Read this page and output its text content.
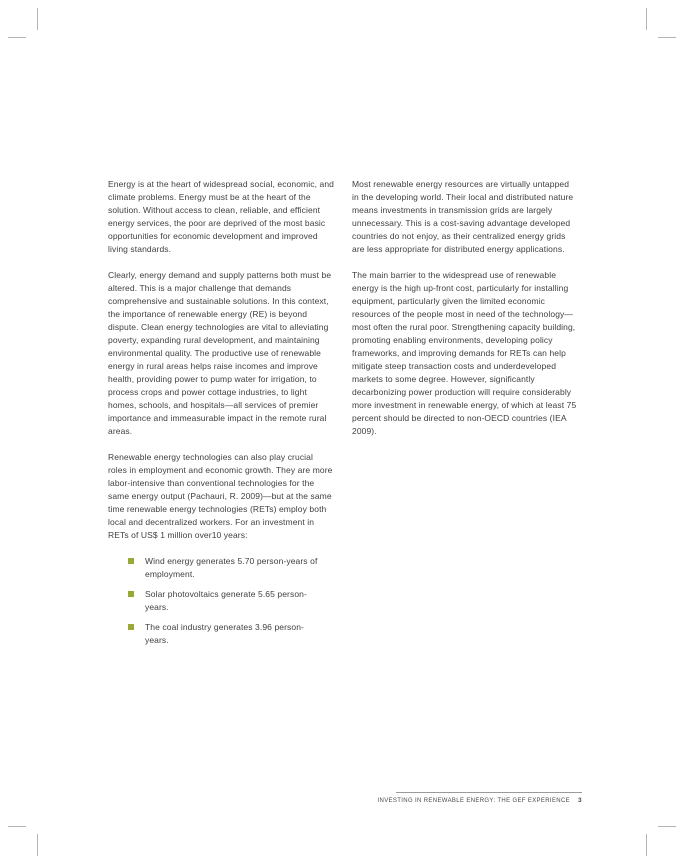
Energy is at the heart of widespread social, economic, and climate problems. Energy must be at the heart of the solution. Without access to clean, reliable, and efficient energy services, the poor are deprived of the most basic opportunities for economic development and improved living standards.

Clearly, energy demand and supply patterns both must be altered. This is a major challenge that demands comprehensive and sustainable solutions. In this context, the importance of renewable energy (RE) is beyond dispute. Clean energy technologies are vital to alleviating poverty, expanding rural development, and maintaining environmental quality. The productive use of renewable energy in rural areas helps raise incomes and improve health, providing power to pump water for irrigation, to process crops and power cottage industries, to light homes, schools, and hospitals—all services of premier importance and immeasurable impact in the remote rural areas.

Renewable energy technologies can also play crucial roles in employment and economic growth. They are more labor-intensive than conventional technologies for the same energy output (Pachauri, R. 2009)—but at the same time renewable energy technologies (RETs) employ both local and decentralized workers. For an investment in RETs of US$ 1 million over10 years:

Wind energy generates 5.70 person-years of employment.
Solar photovoltaics generate 5.65 person-years.
The coal industry generates 3.96 person-years.

Most renewable energy resources are virtually untapped in the developing world. Their local and distributed nature means investments in transmission grids are largely unnecessary. This is a cost-saving advantage developed countries do not enjoy, as their centralized energy grids are less appropriate for distributed energy applications.

The main barrier to the widespread use of renewable energy is the high up-front cost, particularly for installing equipment, particularly given the limited economic resources of the people most in need of the technology—most often the rural poor. Strengthening capacity building, promoting enabling environments, developing policy frameworks, and improving demands for RETs can help mitigate steep transaction costs and underdeveloped markets to some degree. However, significantly decarbonizing power production will require considerably more investment in renewable energy, of which at least 75 percent should be directed to non-OECD countries (IEA 2009).

INVESTING IN RENEWABLE ENERGY: THE GEF EXPERIENCE 3
